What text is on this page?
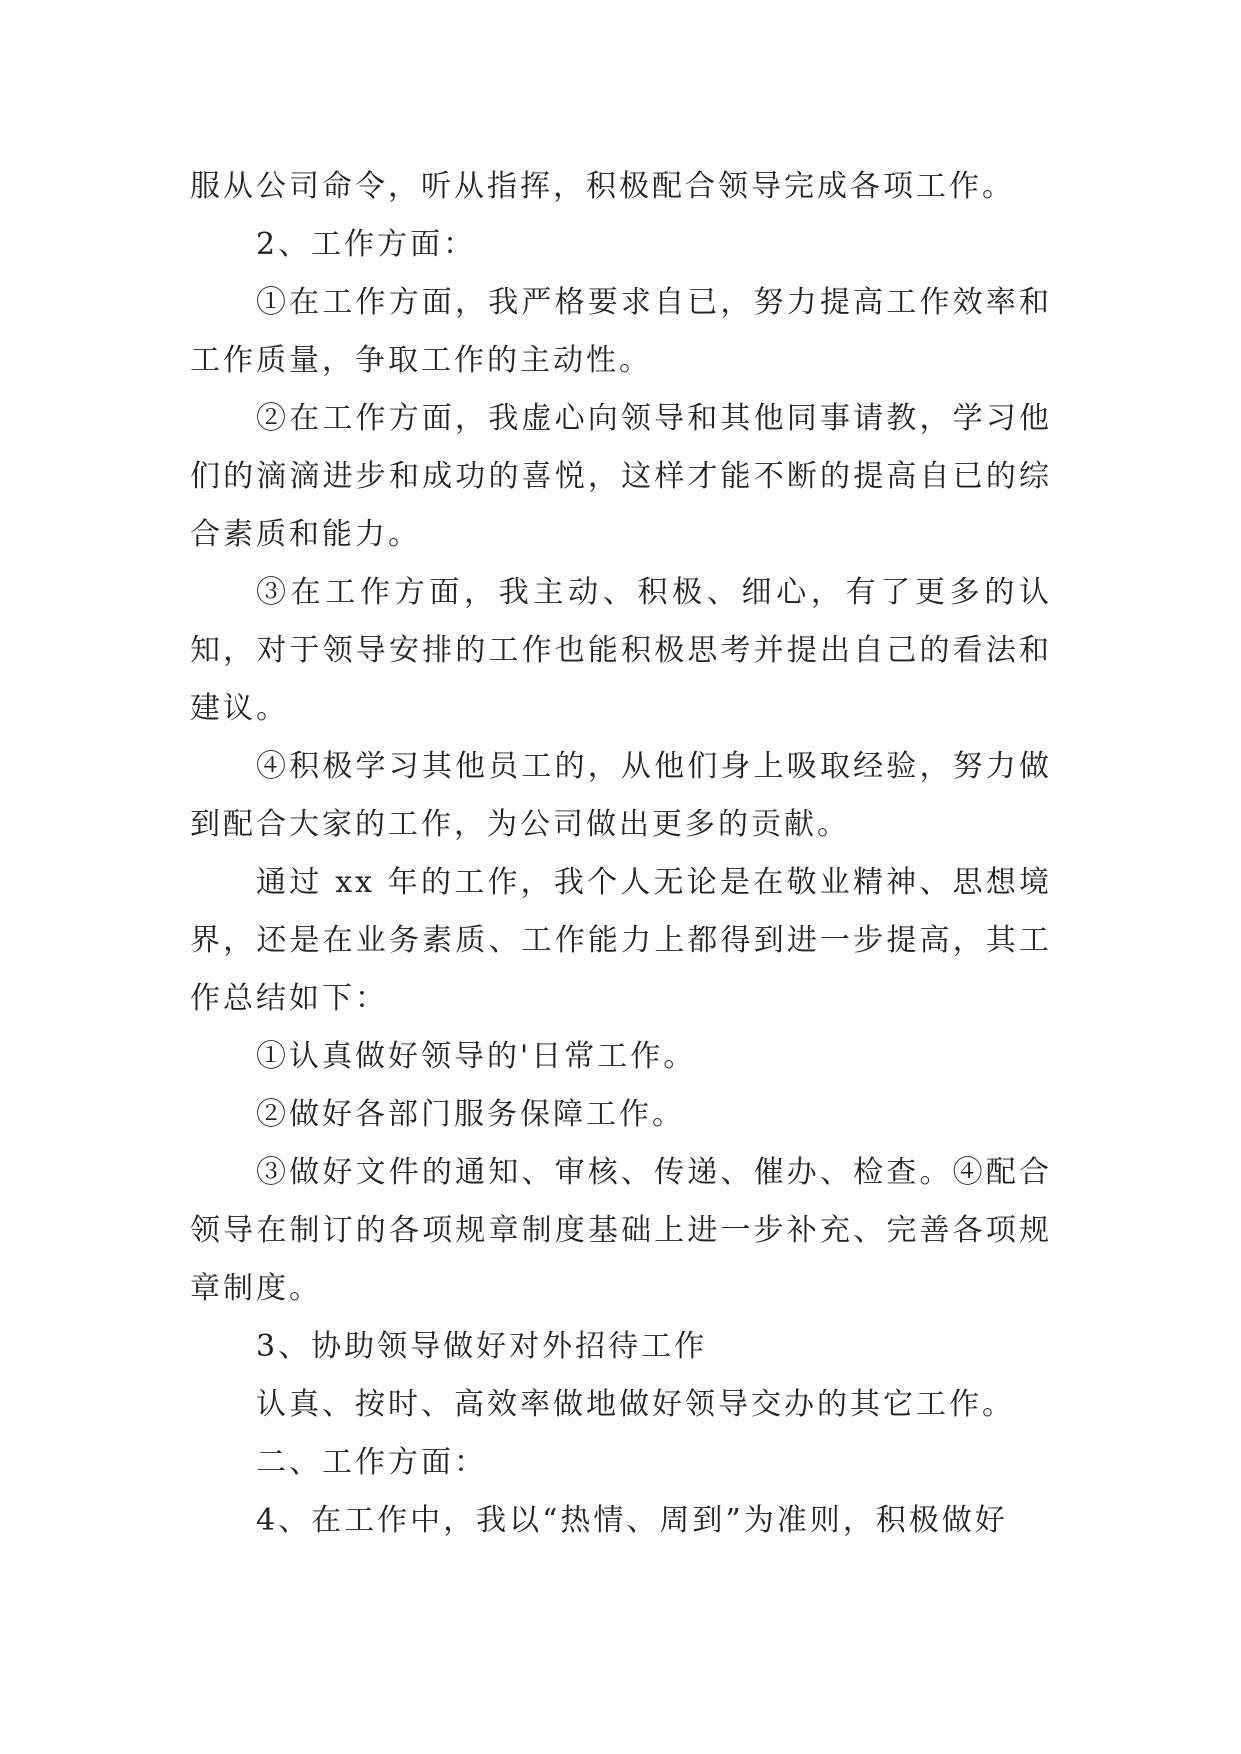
服从公司命令，听从指挥，积极配合领导完成各项工作。

2、工作方面：

①在工作方面，我严格要求自已，努力提高工作效率和工作质量，争取工作的主动性。

②在工作方面，我虚心向领导和其他同事请教，学习他们的滴滴进步和成功的喜悦，这样才能不断的提高自已的综合素质和能力。

③在工作方面，我主动、积极、细心，有了更多的认知，对于领导安排的工作也能积极思考并提出自己的看法和建议。

④积极学习其他员工的，从他们身上吸取经验，努力做到配合大家的工作，为公司做出更多的贡献。

通过 xx 年的工作，我个人无论是在敬业精神、思想境界，还是在业务素质、工作能力上都得到进一步提高，其工作总结如下：

①认真做好领导的'日常工作。

②做好各部门服务保障工作。

③做好文件的通知、审核、传递、催办、检查。④配合领导在制订的各项规章制度基础上进一步补充、完善各项规章制度。

3、协助领导做好对外招待工作

认真、按时、高效率做地做好领导交办的其它工作。

二、工作方面：

4、在工作中，我以“热情、周到”为准则，积极做好
